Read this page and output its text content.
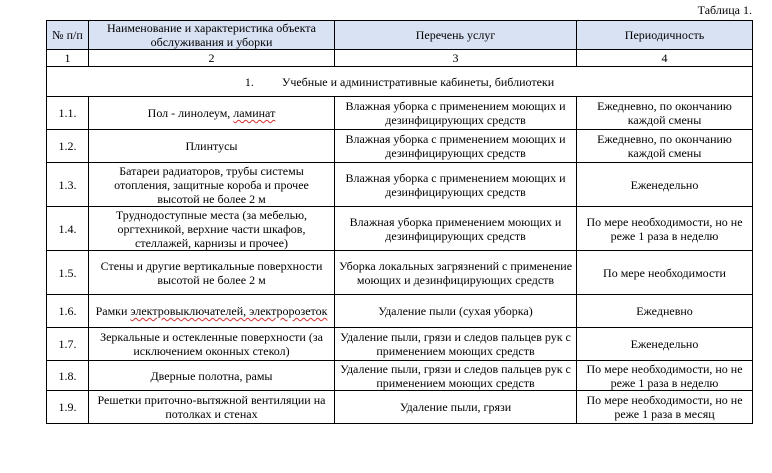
Таблица 1.
№ п/п	Наименование и характеристика объекта обслуживания и уборки	Перечень услуг	Периодичность
1	2	3	4
1. Учебные и административные кабинеты, библиотеки			
1.1.	Пол - линолеум, ламинат	Влажная уборка с применением моющих и дезинфицирующих средств	Ежедневно, по окончанию каждой смены
1.2.	Плинтусы	Влажная уборка с применением моющих и дезинфицирующих средств	Ежедневно, по окончанию каждой смены
1.3.	Батареи радиаторов, трубы системы отопления, защитные короба и прочее высотой не более 2 м	Влажная уборка с применением моющих и дезинфицирующих средств	Еженедельно
1.4.	Труднодоступные места (за мебелью, оргтехникой, верхние части шкафов, стеллажей, карнизы и прочее)	Влажная уборка применением моющих и дезинфицирующих средств	По мере необходимости, но не реже 1 раза в неделю
1.5.	Стены и другие вертикальные поверхности высотой не более 2 м	Уборка локальных загрязнений с применение моющих и дезинфицирующих средств	По мере необходимости
1.6.	Рамки электровыключателей, электророзеток	Удаление пыли (сухая уборка)	Ежедневно
1.7.	Зеркальные и остекленные поверхности (за исключением оконных стекол)	Удаление пыли, грязи и следов пальцев рук с применением моющих средств	Еженедельно
1.8.	Дверные полотна, рамы	Удаление пыли, грязи и следов пальцев рук с применением моющих средств	По мере необходимости, но не реже 1 раза в неделю
1.9.	Решетки приточно-вытяжной вентиляции на потолках и стенах	Удаление пыли, грязи	По мере необходимости, но не реже 1 раза в месяц
